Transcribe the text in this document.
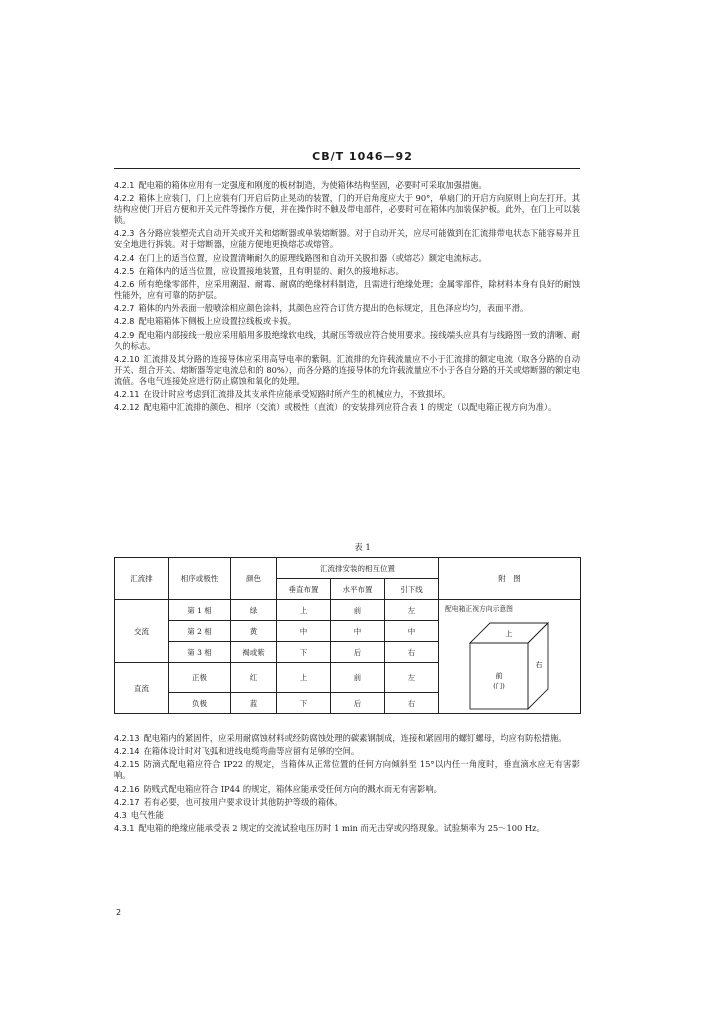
CB/T 1046—92

4.2.1 配电箱的箱体应用有一定强度和刚度的板材制造，为使箱体结构坚固，必要时可采取加强措施。

4.2.2 箱体上应装门，门上应装有门开启后防止晃动的装置，门的开启角度应大于 90°，单扇门的开启方向原则上向左打开。其结构应使门开启方便和开关元件等操作方便，并在操作时不触及带电部件，必要时可在箱体内加装保护板。此外，在门上可以装锁。

4.2.3 各分路应装塑壳式自动开关或开关和熔断器或单装熔断器。对于自动开关，应尽可能做到在汇流排带电状态下能容易并且安全地进行拆装。对于熔断器，应能方便地更换熔芯或熔管。

4.2.4 在门上的适当位置，应设置清晰耐久的原理线路图和自动开关脱扣器（或熔芯）额定电流标志。

4.2.5 在箱体内的适当位置，应设置接地装置，且有明显的、耐久的接地标志。

4.2.6 所有绝缘零部件，应采用潮湿、耐霉、耐腐的绝缘材料制造，且需进行绝缘处理；金属零部件，除材料本身有良好的耐蚀性能外，应有可靠的防护层。

4.2.7 箱体的内外表面一般喷涂相应颜色涂料，其颜色应符合订货方提出的色标规定，且色泽应均匀，表面平滑。

4.2.8 配电箱箱体下侧板上应设置拉线板或卡扳。

4.2.9 配电箱内部接线一般应采用船用多股绝缘软电线，其耐压等级应符合使用要求。接线端头应具有与线路图一致的清晰、耐久的标志。

4.2.10 汇流排及其分路的连接导体应采用高导电率的紫铜。汇流排的允许载流量应不小于汇流排的额定电流（取各分路的自动开关、组合开关、熔断器等定电流总和的 80%），而各分路的连接导体的允许载流量应不小于各自分路的开关或熔断器的额定电流值。各电气连接处应进行防止腐蚀和氧化的处理。

4.2.11 在设计时应考虑到汇流排及其支承件应能承受短路时所产生的机械应力，不致损坏。

4.2.12 配电箱中汇流排的颜色、相序（交流）或极性（直流）的安装排列应符合表 1 的规定（以配电箱正视方向为准）。

表 1
汇流排	相序或极性	颜色	汇流排安装的相互位置			附　图
			垂直布置	水平布置	引下线	
交流	第 1 相	绿	上	前	左	配电箱正视方向示意图
上
右
前
(门)

	第 2 相	黄	中	中	中	
	第 3 相	褐或紫	下	后	右	
直流	正极	红	上	前	左	
	负极	蓝	下	后	右	

4.2.13 配电箱内的紧固件，应采用耐腐蚀材料或经防腐蚀处理的碳素钢制成，连接和紧固用的螺钉螺母，均应有防松措施。

4.2.14 在箱体设计时对飞弧和进线电缆弯曲等应留有足够的空间。

4.2.15 防滴式配电箱应符合 IP22 的规定，当箱体从正常位置的任何方向倾斜至 15°以内任一角度时，垂直滴水应无有害影响。

4.2.16 防贱式配电箱应符合 IP44 的规定，箱体应能承受任何方向的溅水而无有害影响。

4.2.17 若有必要，也可按用户要求设计其他防护等级的箱体。

4.3 电气性能

4.3.1 配电箱的绝缘应能承受表 2 规定的交流试验电压历时 1 min 而无击穿或闪络现象。试验频率为 25～100 Hz。

2
